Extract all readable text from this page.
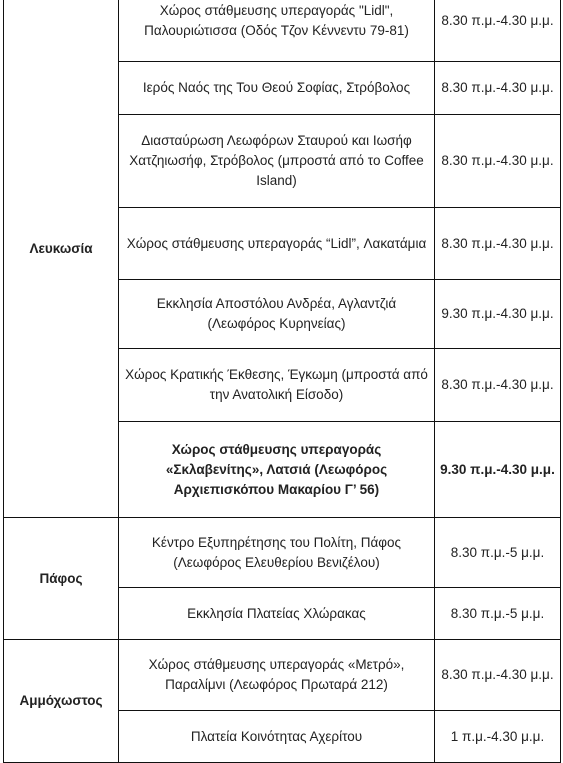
Λευκωσία	Χώρος στάθμευσης υπεραγοράς "Lidl", Παλουριώτισσα (Οδός Τζον Κέννεντυ 79-81)	8.30 π.μ.-4.30 μ.μ.
	Ιερός Ναός της Του Θεού Σοφίας, Στρόβολος	8.30 π.μ.-4.30 μ.μ.
	Διασταύρωση Λεωφόρων Σταυρού και Ιωσήφ Χατζηιωσήφ, Στρόβολος (μπροστά από το Coffee Island)	8.30 π.μ.-4.30 μ.μ.
	Χώρος στάθμευσης υπεραγοράς “Lidl”, Λακατάμια	8.30 π.μ.-4.30 μ.μ.
	Εκκλησία Αποστόλου Ανδρέα, Αγλαντζιά (Λεωφόρος Κυρηνείας)	9.30 π.μ.-4.30 μ.μ.
	Χώρος Κρατικής Έκθεσης, Έγκωμη (μπροστά από την Ανατολική Είσοδο)	8.30 π.μ.-4.30 μ.μ.
	Χώρος στάθμευσης υπεραγοράς «Σκλαβενίτης», Λατσιά (Λεωφόρος Αρχιεπισκόπου Μακαρίου Γ’ 56)	9.30 π.μ.-4.30 μ.μ.
Πάφος	Κέντρο Εξυπηρέτησης του Πολίτη, Πάφος (Λεωφόρος Ελευθερίου Βενιζέλου)	8.30 π.μ.-5 μ.μ.
	Εκκλησία Πλατείας Χλώρακας	8.30 π.μ.-5 μ.μ.
Αμμόχωστος	Χώρος στάθμευσης υπεραγοράς «Μετρό», Παραλίμνι (Λεωφόρος Πρωταρά 212)	8.30 π.μ.-4.30 μ.μ.
	Πλατεία Κοινότητας Αχερίτου	1 π.μ.-4.30 μ.μ.
